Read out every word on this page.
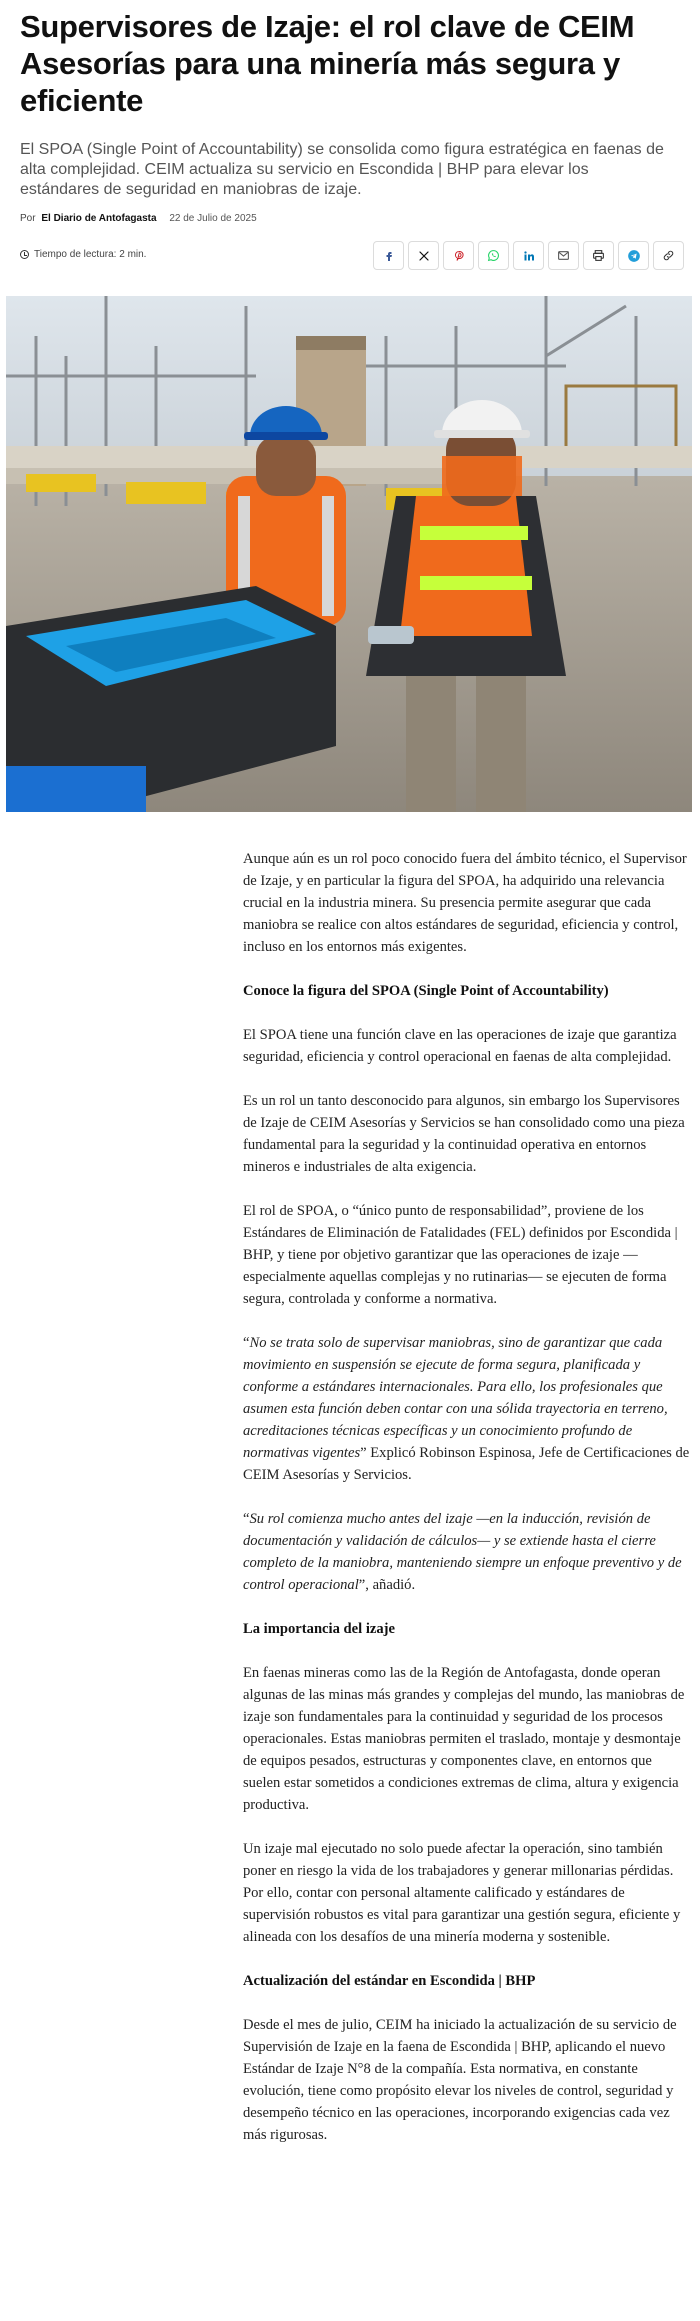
Supervisores de Izaje: el rol clave de CEIM Asesorías para una minería más segura y eficiente

El SPOA (Single Point of Accountability) se consolida como figura estratégica en faenas de alta complejidad. CEIM actualiza su servicio en Escondida | BHP para elevar los estándares de seguridad en maniobras de izaje.

Por El Diario de Antofagasta 22 de Julio de 2025
Tiempo de lectura: 2 min.

Aunque aún es un rol poco conocido fuera del ámbito técnico, el Supervisor de Izaje, y en particular la figura del SPOA, ha adquirido una relevancia crucial en la industria minera. Su presencia permite asegurar que cada maniobra se realice con altos estándares de seguridad, eficiencia y control, incluso en los entornos más exigentes.

Conoce la figura del SPOA (Single Point of Accountability)

El SPOA tiene una función clave en las operaciones de izaje que garantiza seguridad, eficiencia y control operacional en faenas de alta complejidad.

Es un rol un tanto desconocido para algunos, sin embargo los Supervisores de Izaje de CEIM Asesorías y Servicios se han consolidado como una pieza fundamental para la seguridad y la continuidad operativa en entornos mineros e industriales de alta exigencia.

El rol de SPOA, o “único punto de responsabilidad”, proviene de los Estándares de Eliminación de Fatalidades (FEL) definidos por Escondida | BHP, y tiene por objetivo garantizar que las operaciones de izaje —especialmente aquellas complejas y no rutinarias— se ejecuten de forma segura, controlada y conforme a normativa.

“No se trata solo de supervisar maniobras, sino de garantizar que cada movimiento en suspensión se ejecute de forma segura, planificada y conforme a estándares internacionales. Para ello, los profesionales que asumen esta función deben contar con una sólida trayectoria en terreno, acreditaciones técnicas específicas y un conocimiento profundo de normativas vigentes” Explicó Robinson Espinosa, Jefe de Certificaciones de CEIM Asesorías y Servicios.

“Su rol comienza mucho antes del izaje —en la inducción, revisión de documentación y validación de cálculos— y se extiende hasta el cierre completo de la maniobra, manteniendo siempre un enfoque preventivo y de control operacional”, añadió.

La importancia del izaje

En faenas mineras como las de la Región de Antofagasta, donde operan algunas de las minas más grandes y complejas del mundo, las maniobras de izaje son fundamentales para la continuidad y seguridad de los procesos operacionales. Estas maniobras permiten el traslado, montaje y desmontaje de equipos pesados, estructuras y componentes clave, en entornos que suelen estar sometidos a condiciones extremas de clima, altura y exigencia productiva.

Un izaje mal ejecutado no solo puede afectar la operación, sino también poner en riesgo la vida de los trabajadores y generar millonarias pérdidas. Por ello, contar con personal altamente calificado y estándares de supervisión robustos es vital para garantizar una gestión segura, eficiente y alineada con los desafíos de una minería moderna y sostenible.

Actualización del estándar en Escondida | BHP

Desde el mes de julio, CEIM ha iniciado la actualización de su servicio de Supervisión de Izaje en la faena de Escondida | BHP, aplicando el nuevo Estándar de Izaje N°8 de la compañía. Esta normativa, en constante evolución, tiene como propósito elevar los niveles de control, seguridad y desempeño técnico en las operaciones, incorporando exigencias cada vez más rigurosas.
